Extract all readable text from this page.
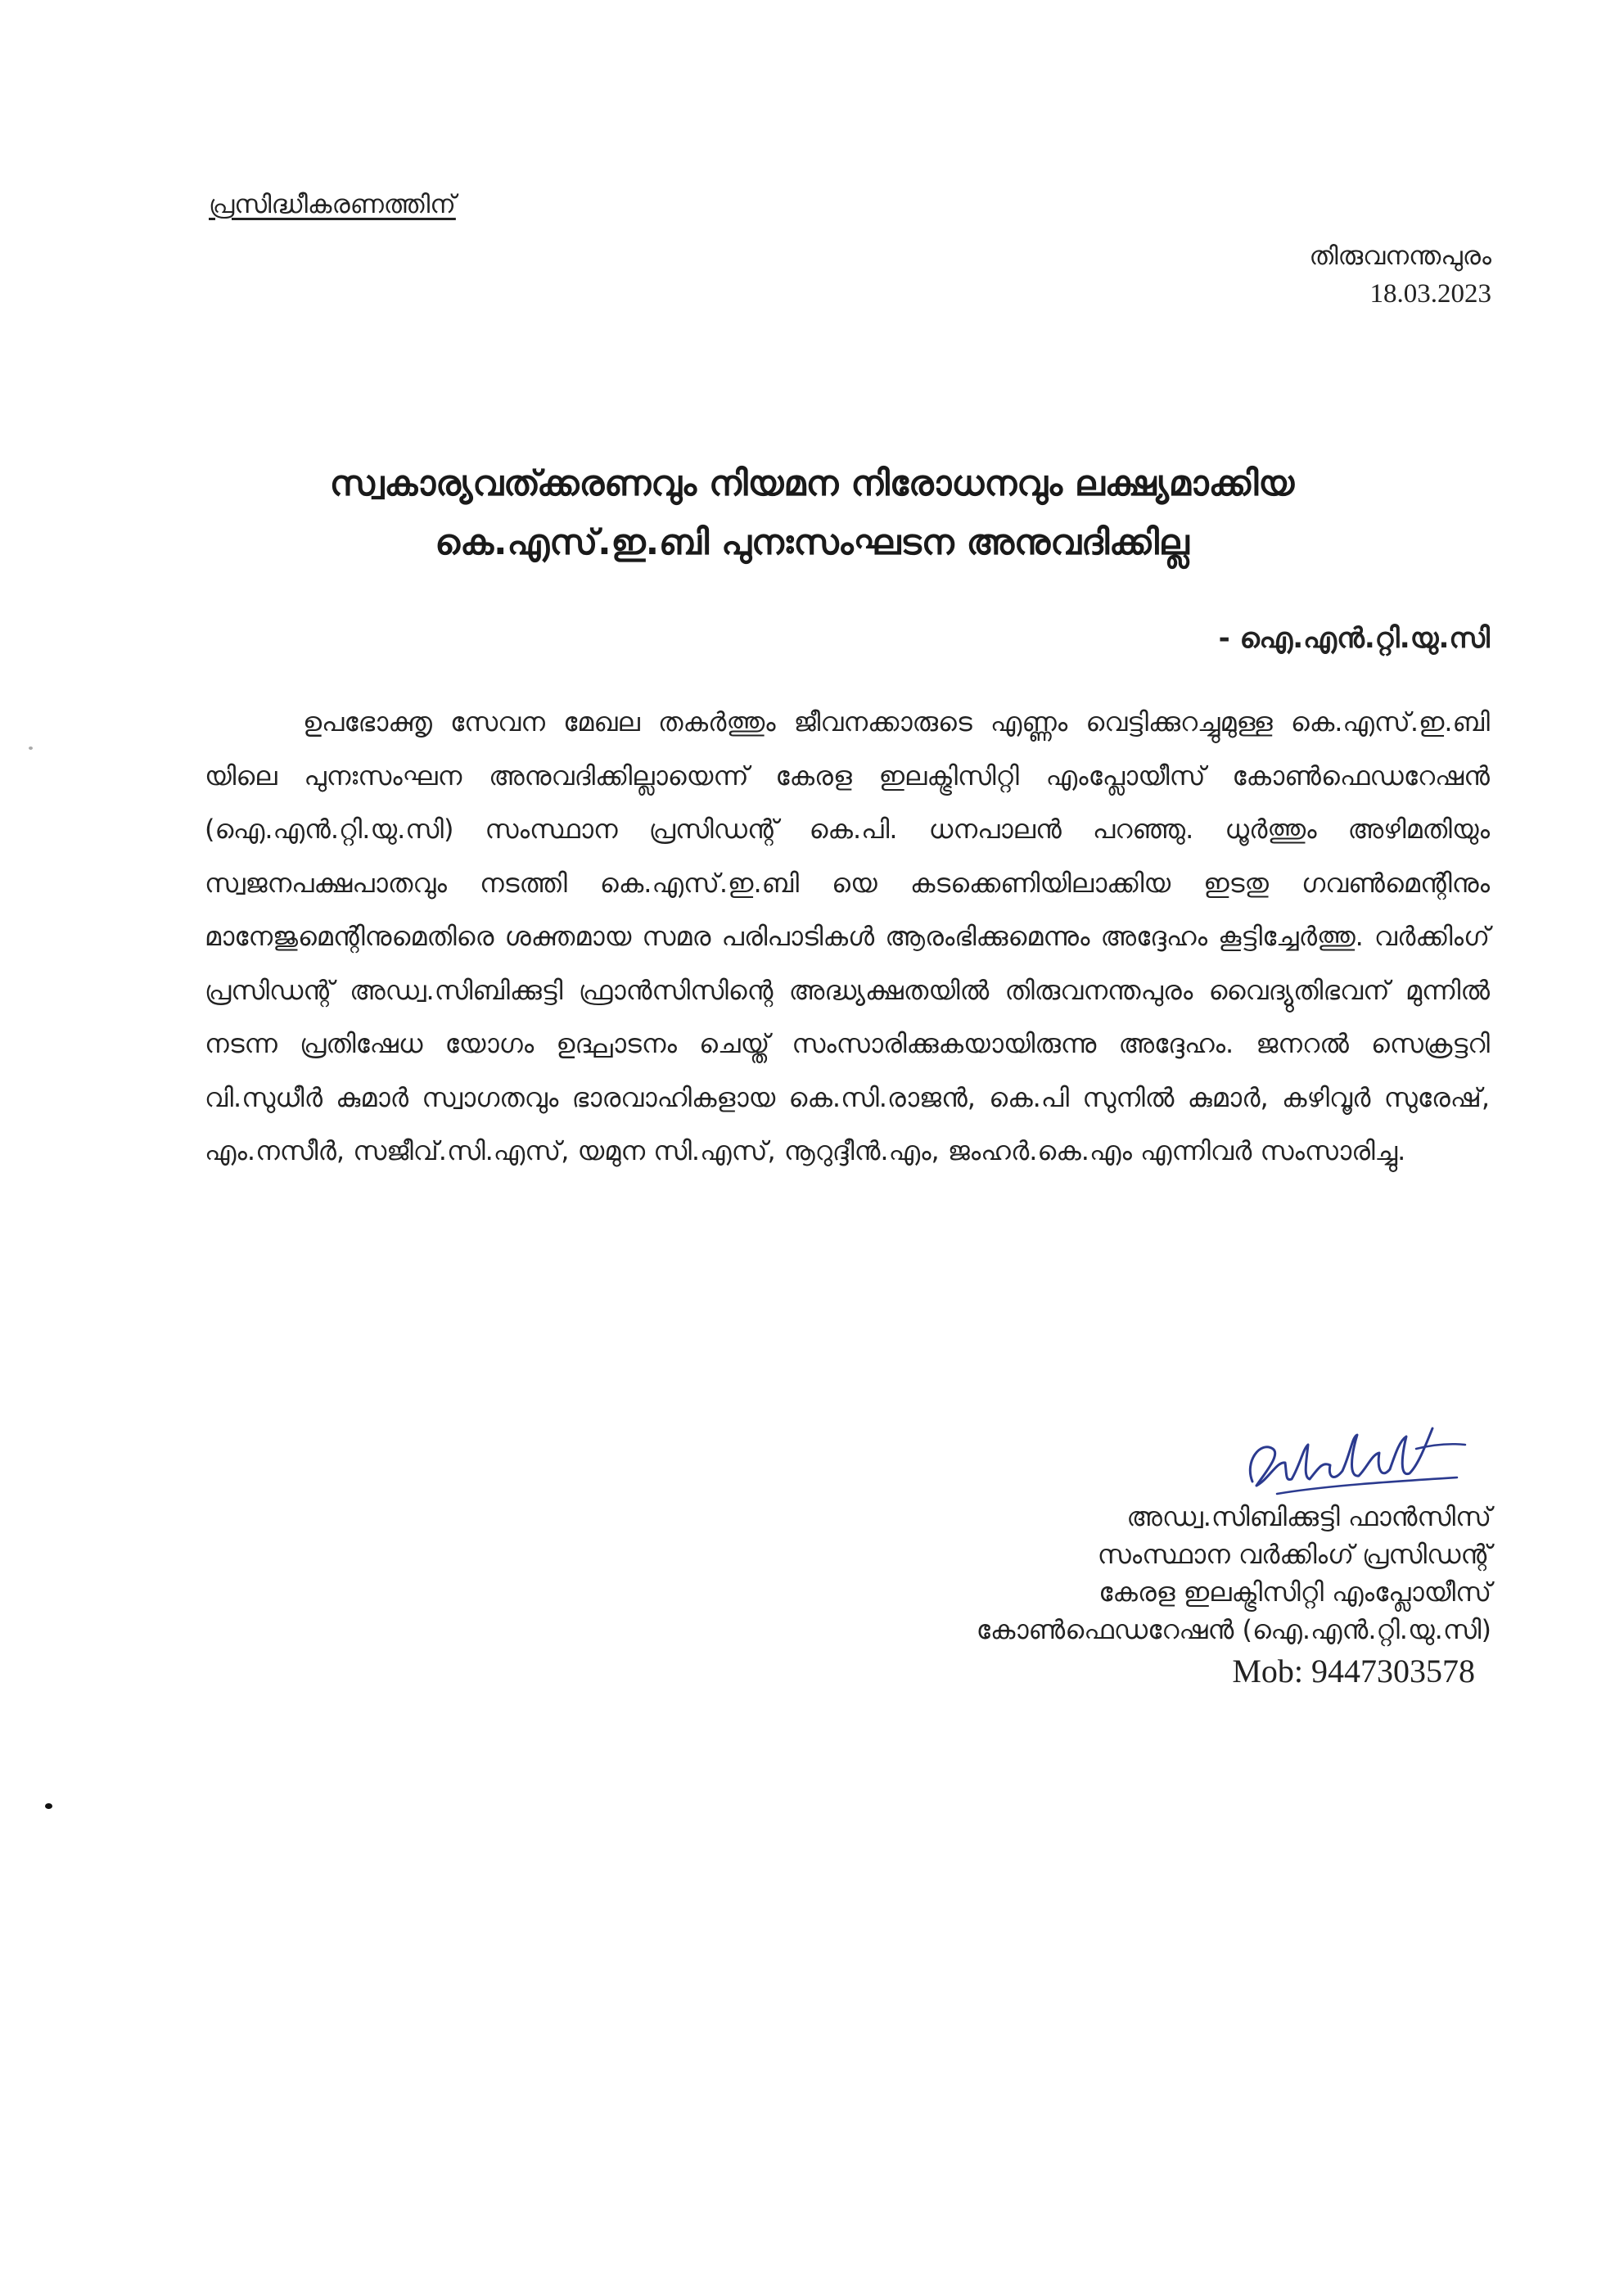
പ്രസിദ്ധീകരണത്തിന്
തിരുവനന്തപുരം
18.03.2023
സ്വകാര്യവത്ക്കരണവും നിയമന നിരോധനവും ലക്ഷ്യമാക്കിയ
കെ.എസ്.ഇ.ബി പുനഃസംഘടന അനുവദിക്കില്ല
- ഐ.എൻ.റ്റി.യു.സി
ഉപഭോക്തൃ സേവന മേഖല തകർത്തും ജീവനക്കാരുടെ എണ്ണം വെട്ടിക്കുറച്ചുമുള്ള കെ.എസ്.ഇ.ബി യിലെ പുനഃസംഘന അനുവദിക്കില്ലായെന്ന് കേരള ഇലക്ട്രിസിറ്റി എംപ്ലോയീസ് കോൺഫെഡറേഷൻ (ഐ.എൻ.റ്റി.യു.സി) സംസ്ഥാന പ്രസിഡന്റ് കെ.പി. ധനപാലൻ പറഞ്ഞു. ധൂർത്തും അഴിമതിയും സ്വജനപക്ഷപാതവും നടത്തി കെ.എസ്.ഇ.ബി യെ കടക്കെണിയിലാക്കിയ ഇടതു ഗവൺമെന്റിനും മാനേജുമെന്റിനുമെതിരെ ശക്തമായ സമര പരിപാടികൾ ആരംഭിക്കുമെന്നും അദ്ദേഹം കൂട്ടിച്ചേർത്തു. വർക്കിംഗ് പ്രസിഡന്റ് അഡ്വ.സിബിക്കുട്ടി ഫ്രാൻസിസിന്റെ അദ്ധ്യക്ഷതയിൽ തിരുവനന്തപുരം വൈദ്യുതിഭവന് മുന്നിൽ നടന്ന പ്രതിഷേധ യോഗം ഉദ്ഘാടനം ചെയ്ത് സംസാരിക്കുകയായിരുന്നു അദ്ദേഹം. ജനറൽ സെക്രട്ടറി വി.സുധീർ കുമാർ സ്വാഗതവും ഭാരവാഹികളായ കെ.സി.രാജൻ, കെ.പി സുനിൽ കുമാർ, കഴിവൂർ സുരേഷ്, എം.നസീർ, സജീവ്.സി.എസ്, യമുന സി.എസ്, നൂറുദ്ദീൻ.എം, ജംഹർ.കെ.എം എന്നിവർ സംസാരിച്ചു.
അഡ്വ.സിബിക്കുട്ടി ഫാൻസിസ്
സംസ്ഥാന വർക്കിംഗ് പ്രസിഡന്റ്
കേരള ഇലക്ട്രിസിറ്റി എംപ്ലോയീസ്
കോൺഫെഡറേഷൻ (ഐ.എൻ.റ്റി.യു.സി)
Mob: 9447303578
